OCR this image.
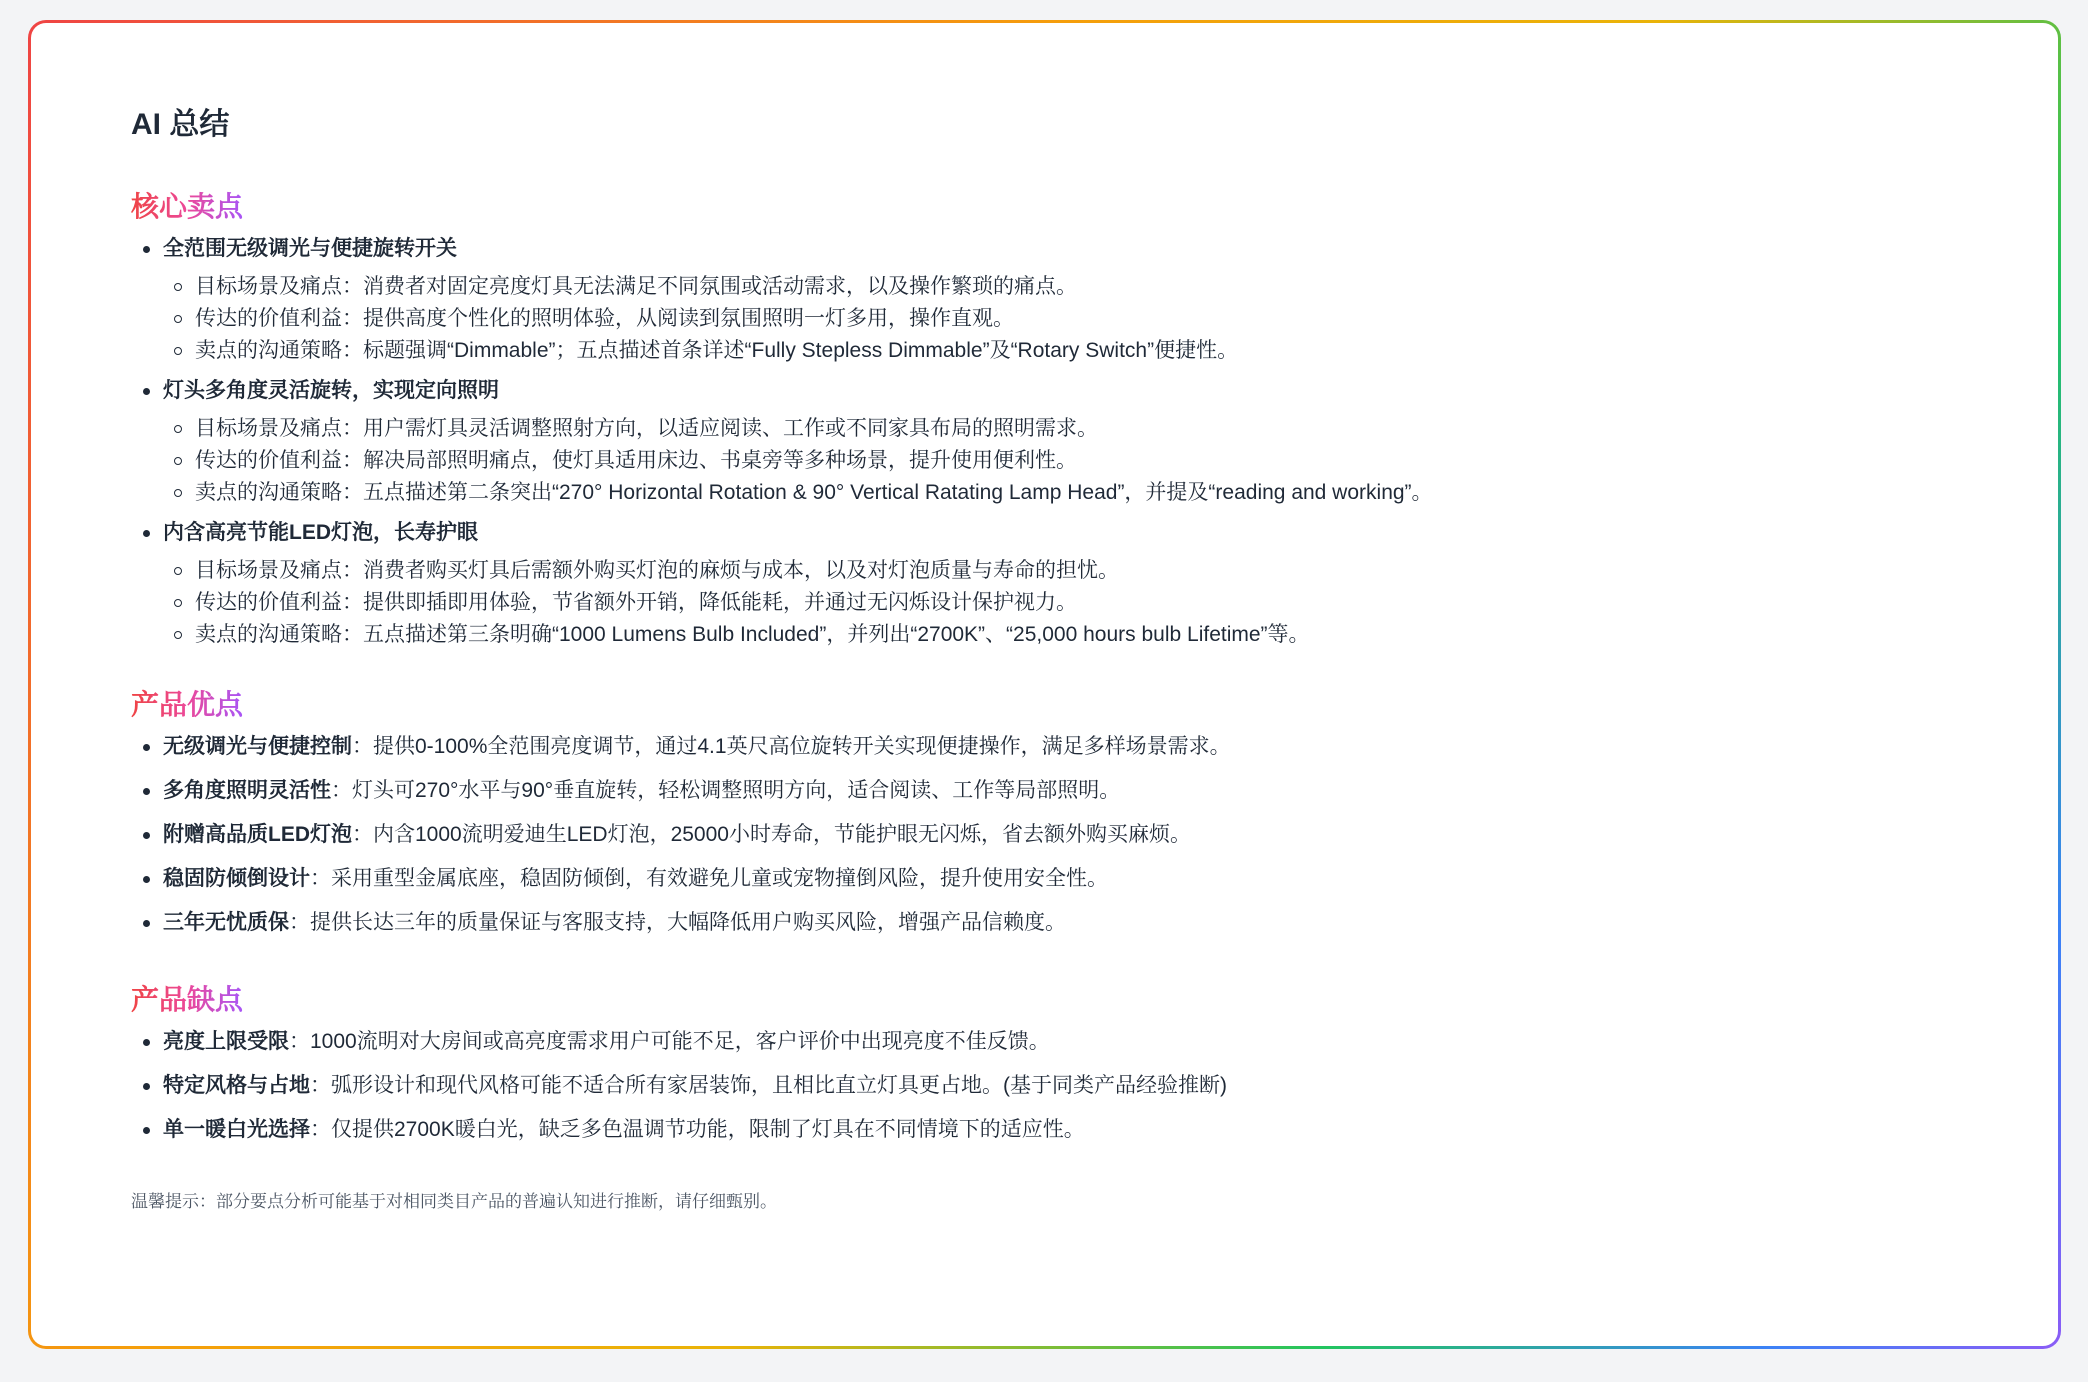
AI 总结
核心卖点
全范围无级调光与便捷旋转开关
目标场景及痛点：消费者对固定亮度灯具无法满足不同氛围或活动需求，以及操作繁琐的痛点。
传达的价值利益：提供高度个性化的照明体验，从阅读到氛围照明一灯多用，操作直观。
卖点的沟通策略：标题强调“Dimmable”；五点描述首条详述“Fully Stepless Dimmable”及“Rotary Switch”便捷性。
灯头多角度灵活旋转，实现定向照明
目标场景及痛点：用户需灯具灵活调整照射方向，以适应阅读、工作或不同家具布局的照明需求。
传达的价值利益：解决局部照明痛点，使灯具适用床边、书桌旁等多种场景，提升使用便利性。
卖点的沟通策略：五点描述第二条突出“270° Horizontal Rotation & 90° Vertical Ratating Lamp Head”，并提及“reading and working”。
内含高亮节能LED灯泡，长寿护眼
目标场景及痛点：消费者购买灯具后需额外购买灯泡的麻烦与成本，以及对灯泡质量与寿命的担忧。
传达的价值利益：提供即插即用体验，节省额外开销，降低能耗，并通过无闪烁设计保护视力。
卖点的沟通策略：五点描述第三条明确“1000 Lumens Bulb Included”，并列出“2700K”、“25,000 hours bulb Lifetime”等。
产品优点
无级调光与便捷控制：提供0-100%全范围亮度调节，通过4.1英尺高位旋转开关实现便捷操作，满足多样场景需求。
多角度照明灵活性：灯头可270°水平与90°垂直旋转，轻松调整照明方向，适合阅读、工作等局部照明。
附赠高品质LED灯泡：内含1000流明爱迪生LED灯泡，25000小时寿命，节能护眼无闪烁，省去额外购买麻烦。
稳固防倾倒设计：采用重型金属底座，稳固防倾倒，有效避免儿童或宠物撞倒风险，提升使用安全性。
三年无忧质保：提供长达三年的质量保证与客服支持，大幅降低用户购买风险，增强产品信赖度。
产品缺点
亮度上限受限：1000流明对大房间或高亮度需求用户可能不足，客户评价中出现亮度不佳反馈。
特定风格与占地：弧形设计和现代风格可能不适合所有家居装饰，且相比直立灯具更占地。(基于同类产品经验推断)
单一暖白光选择：仅提供2700K暖白光，缺乏多色温调节功能，限制了灯具在不同情境下的适应性。
温馨提示：部分要点分析可能基于对相同类目产品的普遍认知进行推断，请仔细甄别。
